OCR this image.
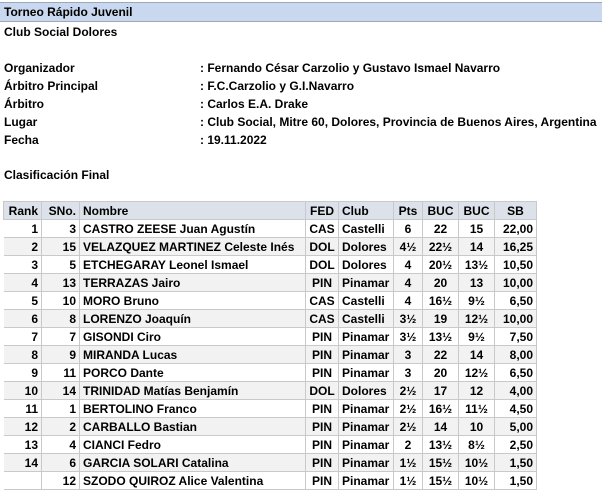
Torneo Rápido Juvenil
Club Social Dolores
Organizador	: Fernando César Carzolio y Gustavo Ismael Navarro
Árbitro Principal	: F.C.Carzolio y G.I.Navarro
Árbitro	: Carlos E.A. Drake
Lugar	: Club Social, Mitre 60, Dolores, Provincia de Buenos Aires, Argentina
Fecha	: 19.11.2022
Clasificación Final
Rank	SNo.	Nombre	FED	Club	Pts	BUC	BUC	SB
1	3	CASTRO ZEESE Juan Agustín	CAS	Castelli	6	22	15	22,00
2	15	VELAZQUEZ MARTINEZ Celeste Inés	DOL	Dolores	4½	22½	14	16,25
3	5	ETCHEGARAY Leonel Ismael	DOL	Dolores	4	20½	13½	10,50
4	13	TERRAZAS Jairo	PIN	Pinamar	4	20	13	10,00
5	10	MORO Bruno	CAS	Castelli	4	16½	9½	6,50
6	8	LORENZO Joaquín	CAS	Castelli	3½	19	12½	10,00
7	7	GISONDI Ciro	PIN	Pinamar	3½	13½	9½	7,50
8	9	MIRANDA Lucas	PIN	Pinamar	3	22	14	8,00
9	11	PORCO Dante	PIN	Pinamar	3	20	12½	6,50
10	14	TRINIDAD Matías Benjamín	DOL	Dolores	2½	17	12	4,00
11	1	BERTOLINO Franco	PIN	Pinamar	2½	16½	11½	4,50
12	2	CARBALLO Bastian	PIN	Pinamar	2½	14	10	5,00
13	4	CIANCI Fedro	PIN	Pinamar	2	13½	8½	2,50
14	6	GARCIA SOLARI Catalina	PIN	Pinamar	1½	15½	10½	1,50
	12	SZODO QUIROZ Alice Valentina	PIN	Pinamar	1½	15½	10½	1,50
